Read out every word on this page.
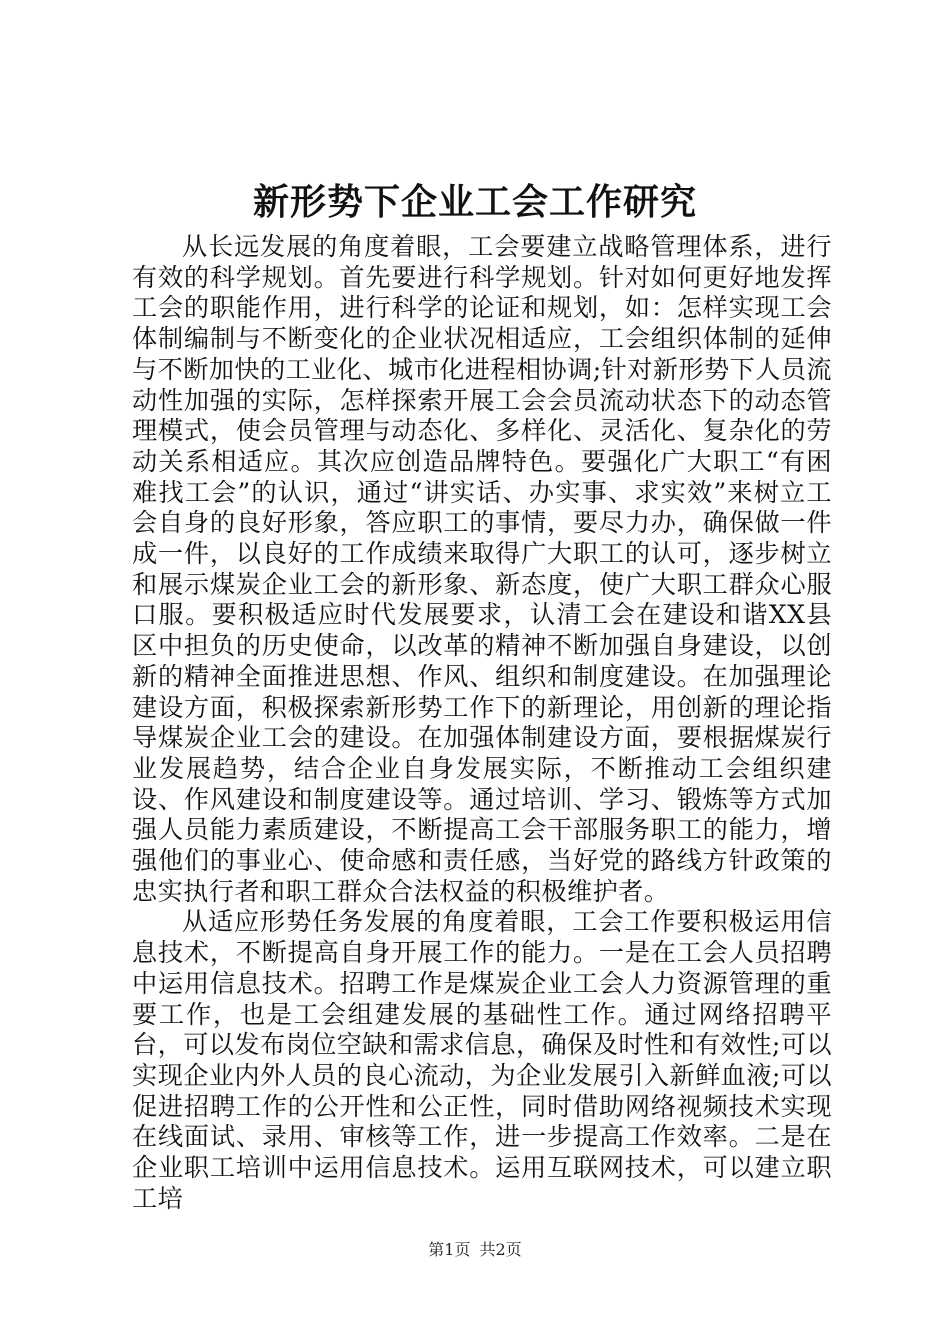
新形势下企业工会工作研究

从长远发展的角度着眼，工会要建立战略管理体系，进行有效的科学规划。首先要进行科学规划。针对如何更好地发挥工会的职能作用，进行科学的论证和规划，如：怎样实现工会体制编制与不断变化的企业状况相适应，工会组织体制的延伸与不断加快的工业化、城市化进程相协调;针对新形势下人员流动性加强的实际，怎样探索开展工会会员流动状态下的动态管理模式，使会员管理与动态化、多样化、灵活化、复杂化的劳动关系相适应。其次应创造品牌特色。要强化广大职工“有困难找工会”的认识，通过“讲实话、办实事、求实效”来树立工会自身的良好形象，答应职工的事情，要尽力办，确保做一件成一件，以良好的工作成绩来取得广大职工的认可，逐步树立和展示煤炭企业工会的新形象、新态度，使广大职工群众心服口服。要积极适应时代发展要求，认清工会在建设和谐XX县区中担负的历史使命，以改革的精神不断加强自身建设，以创新的精神全面推进思想、作风、组织和制度建设。在加强理论建设方面，积极探索新形势工作下的新理论，用创新的理论指导煤炭企业工会的建设。在加强体制建设方面，要根据煤炭行业发展趋势，结合企业自身发展实际，不断推动工会组织建设、作风建设和制度建设等。通过培训、学习、锻炼等方式加强人员能力素质建设，不断提高工会干部服务职工的能力，增强他们的事业心、使命感和责任感，当好党的路线方针政策的忠实执行者和职工群众合法权益的积极维护者。

从适应形势任务发展的角度着眼，工会工作要积极运用信息技术，不断提高自身开展工作的能力。一是在工会人员招聘中运用信息技术。招聘工作是煤炭企业工会人力资源管理的重要工作，也是工会组建发展的基础性工作。通过网络招聘平台，可以发布岗位空缺和需求信息，确保及时性和有效性;可以实现企业内外人员的良心流动，为企业发展引入新鲜血液;可以促进招聘工作的公开性和公正性，同时借助网络视频技术实现在线面试、录用、审核等工作，进一步提高工作效率。二是在企业职工培训中运用信息技术。运用互联网技术，可以建立职工培

第1页 共2页
